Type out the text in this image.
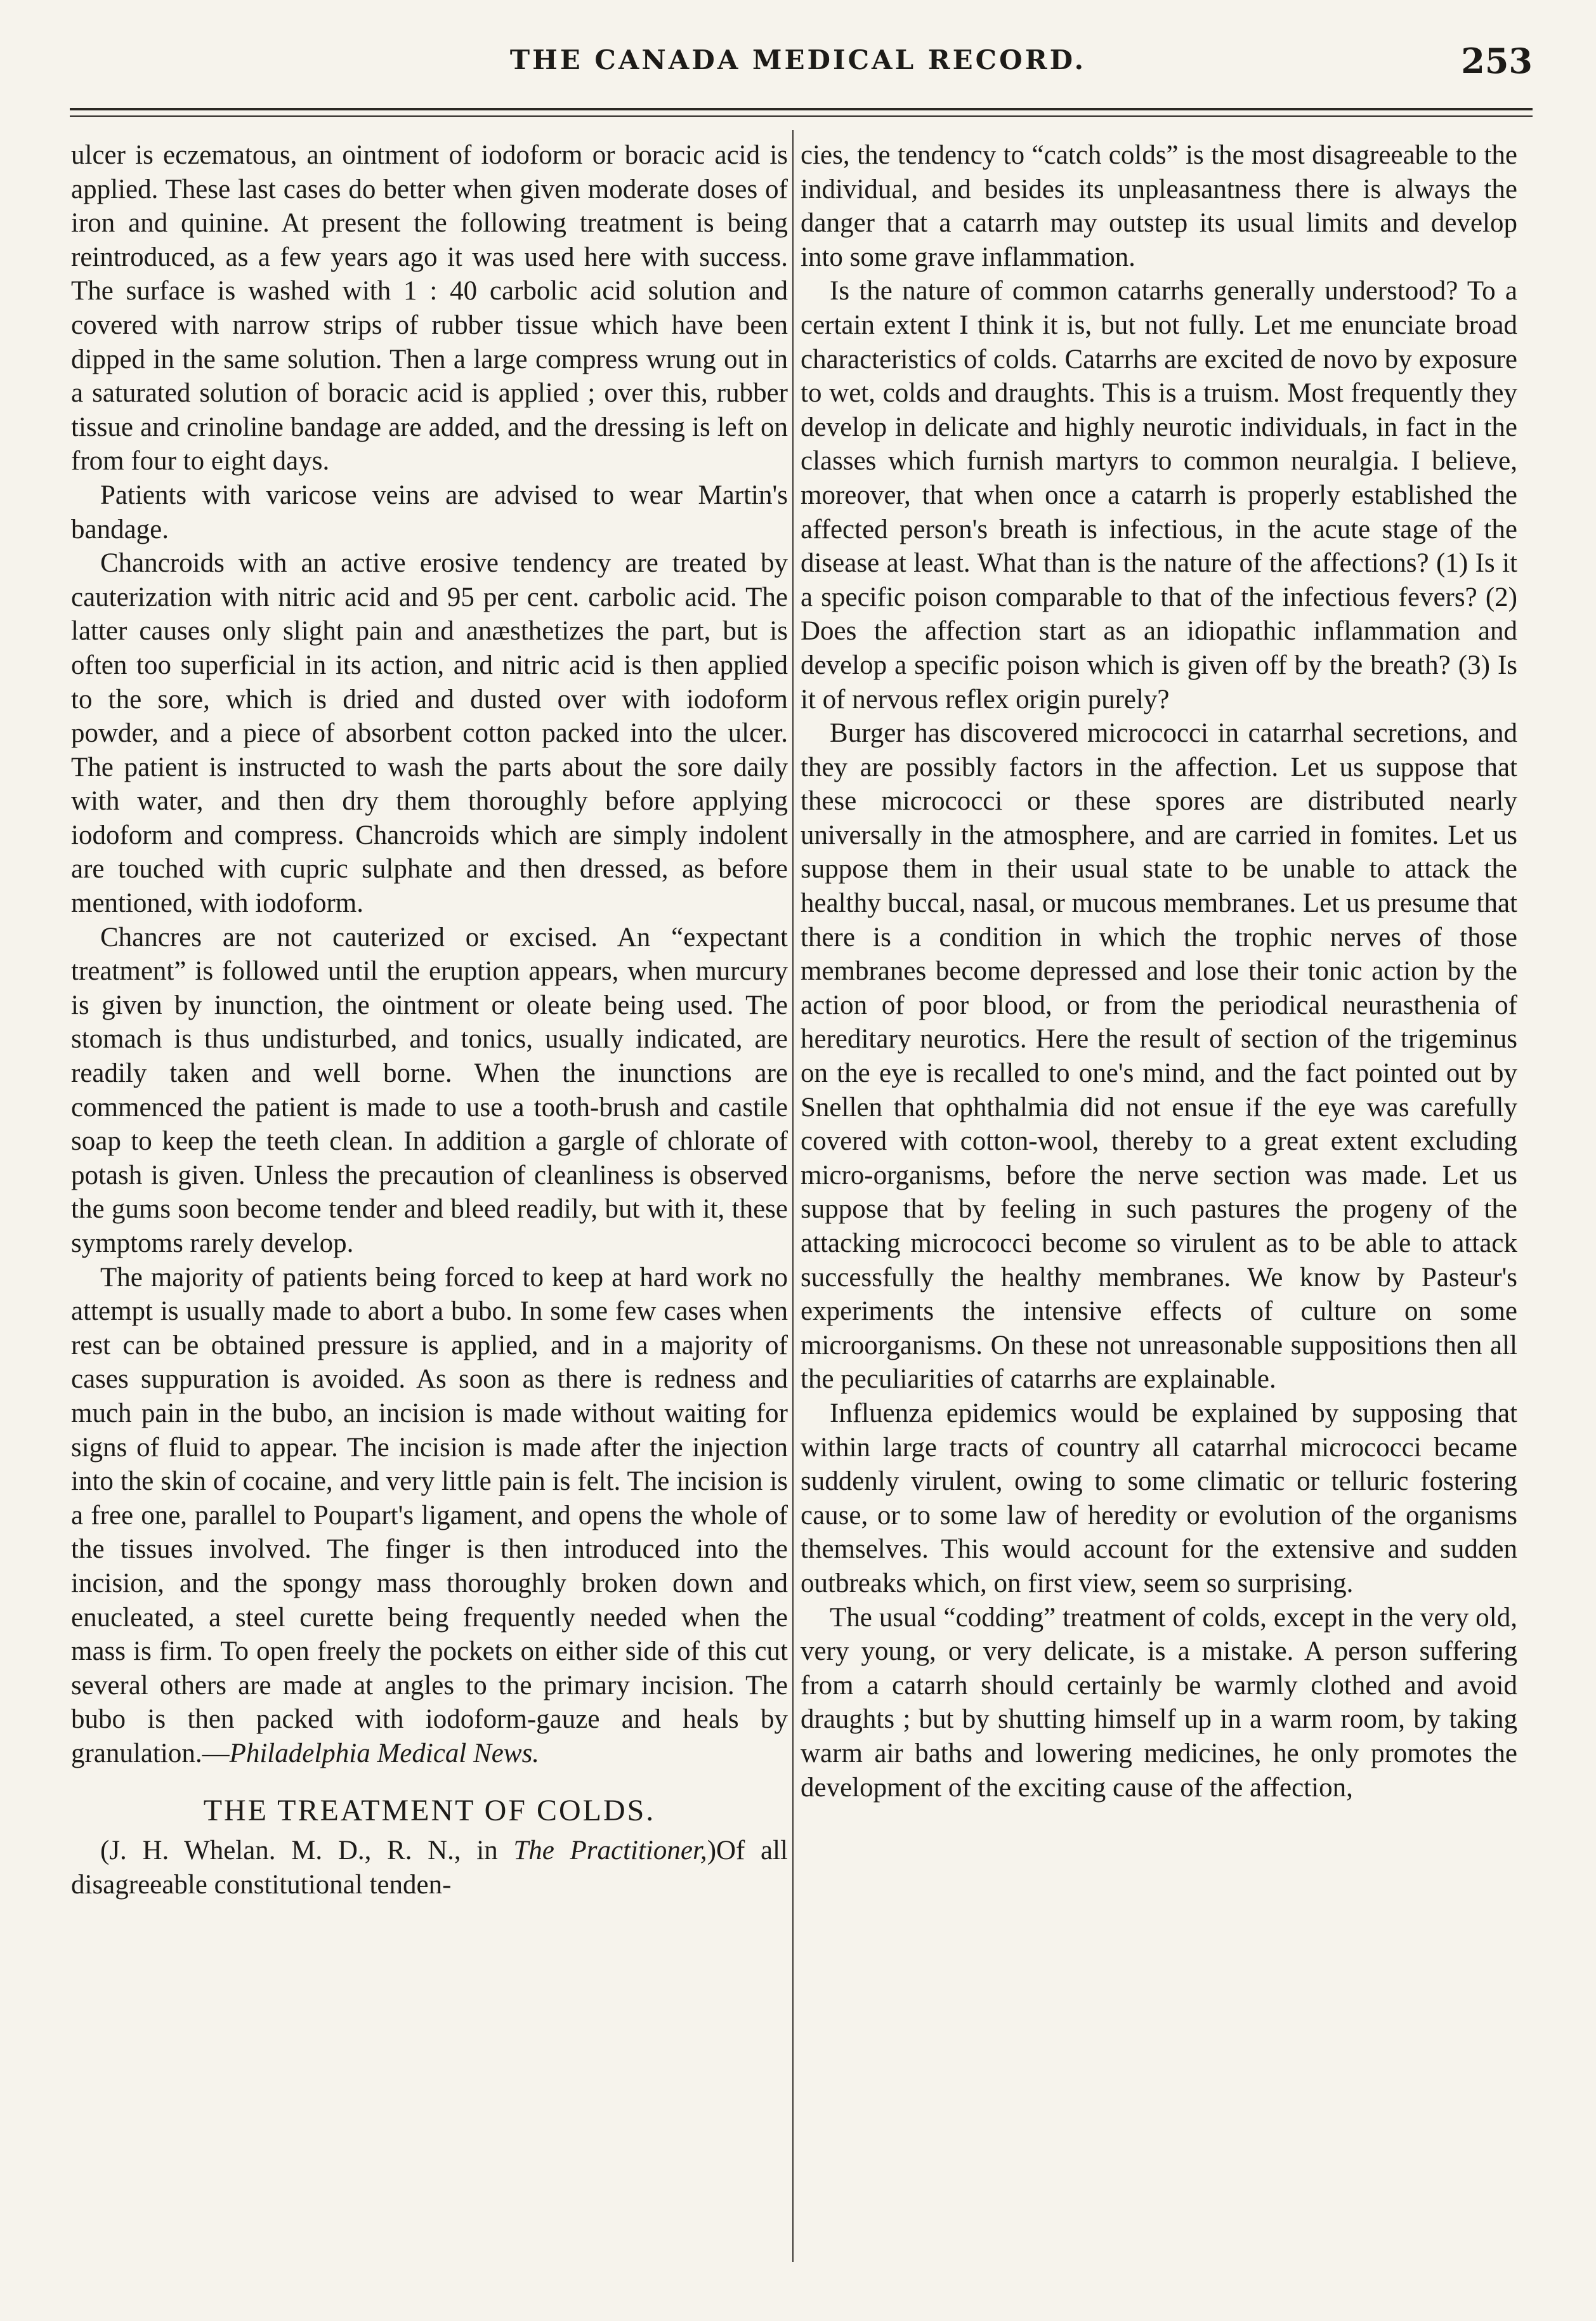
THE CANADA MEDICAL RECORD.	253

ulcer is eczematous, an ointment of iodoform or boracic acid is applied. These last cases do better when given moderate doses of iron and quinine. At present the following treatment is being reintroduced, as a few years ago it was used here with success. The surface is washed with 1 : 40 carbolic acid solution and covered with narrow strips of rubber tissue which have been dipped in the same solution. Then a large compress wrung out in a saturated solution of boracic acid is applied ; over this, rubber tissue and crinoline bandage are added, and the dressing is left on from four to eight days.

Patients with varicose veins are advised to wear Martin's bandage.

Chancroids with an active erosive tendency are treated by cauterization with nitric acid and 95 per cent. carbolic acid. The latter causes only slight pain and anæsthetizes the part, but is often too superficial in its action, and nitric acid is then applied to the sore, which is dried and dusted over with iodoform powder, and a piece of absorbent cotton packed into the ulcer. The patient is instructed to wash the parts about the sore daily with water, and then dry them thoroughly before applying iodoform and compress. Chancroids which are simply indolent are touched with cupric sulphate and then dressed, as before mentioned, with iodoform.

Chancres are not cauterized or excised. An “expectant treatment” is followed until the eruption appears, when murcury is given by inunction, the ointment or oleate being used. The stomach is thus undisturbed, and tonics, usually indicated, are readily taken and well borne. When the inunctions are commenced the patient is made to use a tooth-brush and castile soap to keep the teeth clean. In addition a gargle of chlorate of potash is given. Unless the precaution of cleanliness is observed the gums soon become tender and bleed readily, but with it, these symptoms rarely develop.

The majority of patients being forced to keep at hard work no attempt is usually made to abort a bubo. In some few cases when rest can be obtained pressure is applied, and in a majority of cases suppuration is avoided. As soon as there is redness and much pain in the bubo, an incision is made without waiting for signs of fluid to appear. The incision is made after the injection into the skin of cocaine, and very little pain is felt. The incision is a free one, parallel to Poupart's ligament, and opens the whole of the tissues involved. The finger is then introduced into the incision, and the spongy mass thoroughly broken down and enucleated, a steel curette being frequently needed when the mass is firm. To open freely the pockets on either side of this cut several others are made at angles to the primary incision. The bubo is then packed with iodoform-gauze and heals by granulation.—Philadelphia Medical News.

THE TREATMENT OF COLDS.

(J. H. Whelan. M. D., R. N., in The Practitioner,)Of all disagreeable constitutional tenden-

cies, the tendency to “catch colds” is the most disagreeable to the individual, and besides its unpleasantness there is always the danger that a catarrh may outstep its usual limits and develop into some grave inflammation.

Is the nature of common catarrhs generally understood? To a certain extent I think it is, but not fully. Let me enunciate broad characteristics of colds. Catarrhs are excited de novo by exposure to wet, colds and draughts. This is a truism. Most frequently they develop in delicate and highly neurotic individuals, in fact in the classes which furnish martyrs to common neuralgia. I believe, moreover, that when once a catarrh is properly established the affected person's breath is infectious, in the acute stage of the disease at least. What than is the nature of the affections? (1) Is it a specific poison comparable to that of the infectious fevers? (2) Does the affection start as an idiopathic inflammation and develop a specific poison which is given off by the breath? (3) Is it of nervous reflex origin purely?

Burger has discovered micrococci in catarrhal secretions, and they are possibly factors in the affection. Let us suppose that these micrococci or these spores are distributed nearly universally in the atmosphere, and are carried in fomites. Let us suppose them in their usual state to be unable to attack the healthy buccal, nasal, or mucous membranes. Let us presume that there is a condition in which the trophic nerves of those membranes become depressed and lose their tonic action by the action of poor blood, or from the periodical neurasthenia of hereditary neurotics. Here the result of section of the trigeminus on the eye is recalled to one's mind, and the fact pointed out by Snellen that ophthalmia did not ensue if the eye was carefully covered with cotton-wool, thereby to a great extent excluding micro-organisms, before the nerve section was made. Let us suppose that by feeling in such pastures the progeny of the attacking micrococci become so virulent as to be able to attack successfully the healthy membranes. We know by Pasteur's experiments the intensive effects of culture on some microorganisms. On these not unreasonable suppositions then all the peculiarities of catarrhs are explainable.

Influenza epidemics would be explained by supposing that within large tracts of country all catarrhal micrococci became suddenly virulent, owing to some climatic or telluric fostering cause, or to some law of heredity or evolution of the organisms themselves. This would account for the extensive and sudden outbreaks which, on first view, seem so surprising.

The usual “codding” treatment of colds, except in the very old, very young, or very delicate, is a mistake. A person suffering from a catarrh should certainly be warmly clothed and avoid draughts ; but by shutting himself up in a warm room, by taking warm air baths and lowering medicines, he only promotes the development of the exciting cause of the affection,
